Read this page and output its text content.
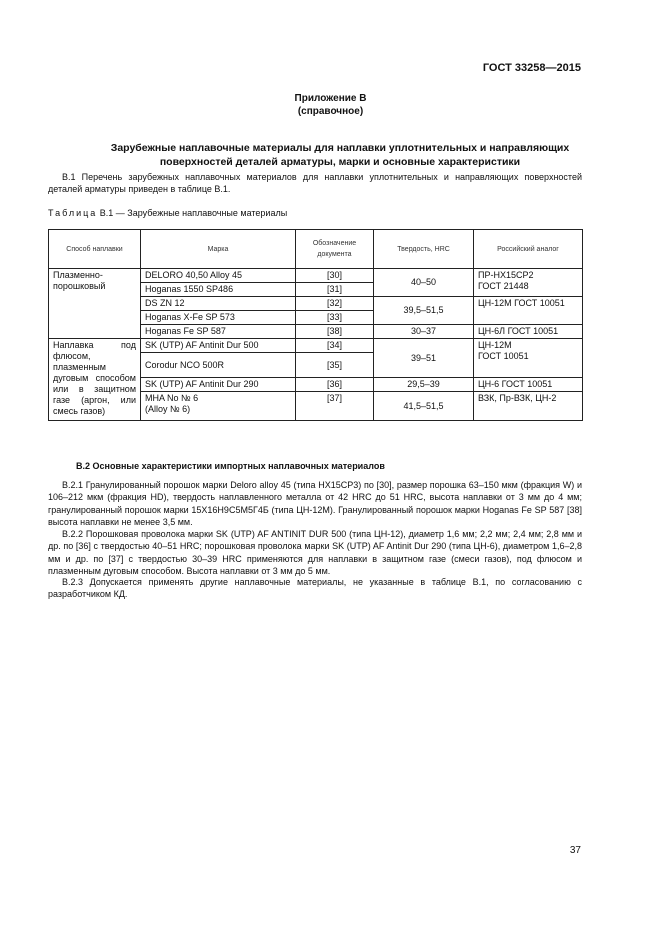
ГОСТ 33258—2015
Приложение В
(справочное)
Зарубежные наплавочные материалы для наплавки уплотнительных и направляющих
поверхностей деталей арматуры, марки и основные характеристики
В.1 Перечень зарубежных наплавочных материалов для наплавки уплотнительных и направляющих поверхностей деталей арматуры приведен в таблице В.1.
Таблица В.1 — Зарубежные наплавочные материалы
Способ наплавки	Марка	Обозначение документа	Твердость, HRC	Российский аналог
Плазменно-порошковый	DELORO 40,50 Alloy 45	[30]	40–50	ПР-НХ15СР2
ГОСТ 21448

	Hoganas 1550 SP486	[31]		
	DS ZN 12	[32]	39,5–51,5	ЦН-12М ГОСТ 10051
	Hoganas X-Fe SP 573	[33]		
	Hoganas Fe SP 587	[38]	30–37	ЦН-6Л ГОСТ 10051
Наплавка под флюсом, плазменным дуговым способом или в защитном газе (аргон, или смесь газов)	SK (UTP) AF Antinit Dur 500	[34]	39–51	ЦН-12М
ГОСТ 10051

	Corodur NCO 500R	[35]		
	SK (UTP) AF Antinit Dur 290	[36]	29,5–39	ЦН-6 ГОСТ 10051

	MHA No № 6
(Alloy № 6)	[37]	41,5–51,5	ВЗК, Пр-ВЗК, ЦН-2
В.2 Основные характеристики импортных наплавочных материалов
В.2.1 Гранулированный порошок марки Deloro alloy 45 (типа НХ15СР3) по [30], размер порошка 63–150 мкм (фракция W) и 106–212 мкм (фракция HD), твердость наплавленного металла от 42 HRC до 51 HRC, высота наплавки от 3 мм до 4 мм; гранулированный порошок марки 15Х16Н9С5М5Г4Б (типа ЦН-12М). Гранулированный порошок марки Hoganas Fe SP 587 [38] высота наплавки не менее 3,5 мм.
В.2.2 Порошковая проволока марки SK (UTP) AF ANTINIT DUR 500 (типа ЦН-12), диаметр 1,6 мм; 2,2 мм; 2,4 мм; 2,8 мм и др. по [36] с твердостью 40–51 HRC; порошковая проволока марки SK (UTP) AF Antinit Dur 290 (типа ЦН-6), диаметром 1,6–2,8 мм и др. по [37] с твердостью 30–39 HRC применяются для наплавки в защитном газе (смеси газов), под флюсом и плазменным дуговым способом. Высота наплавки от 3 мм до 5 мм.
В.2.3 Допускается применять другие наплавочные материалы, не указанные в таблице В.1, по согласованию с разработчиком КД.
37
